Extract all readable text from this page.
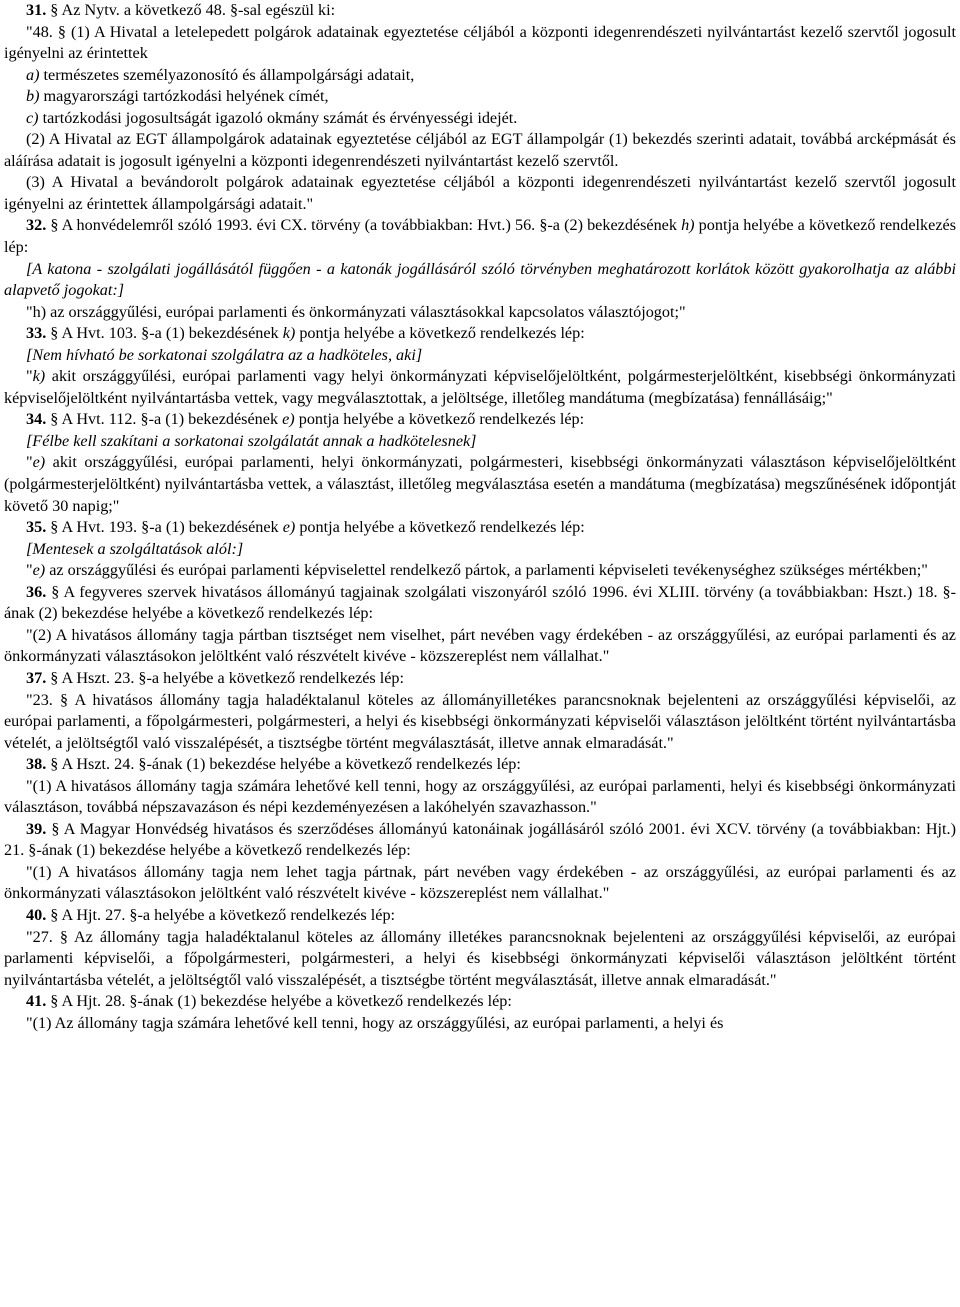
31. § Az Nytv. a következő 48. §-sal egészül ki:

"48. § (1) A Hivatal a letelepedett polgárok adatainak egyeztetése céljából a központi idegenrendészeti nyilvántartást kezelő szervtől jogosult igényelni az érintettek

a) természetes személyazonosító és állampolgársági adatait,

b) magyarországi tartózkodási helyének címét,

c) tartózkodási jogosultságát igazoló okmány számát és érvényességi idejét.

(2) A Hivatal az EGT állampolgárok adatainak egyeztetése céljából az EGT állampolgár (1) bekezdés szerinti adatait, továbbá arcképmását és aláírása adatait is jogosult igényelni a központi idegenrendészeti nyilvántartást kezelő szervtől.

(3) A Hivatal a bevándorolt polgárok adatainak egyeztetése céljából a központi idegenrendészeti nyilvántartást kezelő szervtől jogosult igényelni az érintettek állampolgársági adatait."

32. § A honvédelemről szóló 1993. évi CX. törvény (a továbbiakban: Hvt.) 56. §-a (2) bekezdésének h) pontja helyébe a következő rendelkezés lép:

[A katona - szolgálati jogállásától függően - a katonák jogállásáról szóló törvényben meghatározott korlátok között gyakorolhatja az alábbi alapvető jogokat:]

"h) az országgyűlési, európai parlamenti és önkormányzati választásokkal kapcsolatos választójogot;"

33. § A Hvt. 103. §-a (1) bekezdésének k) pontja helyébe a következő rendelkezés lép:

[Nem hívható be sorkatonai szolgálatra az a hadköteles, aki]

"k) akit országgyűlési, európai parlamenti vagy helyi önkormányzati képviselőjelöltként, polgármesterjelöltként, kisebbségi önkormányzati képviselőjelöltként nyilvántartásba vettek, vagy megválasztottak, a jelöltsége, illetőleg mandátuma (megbízatása) fennállásáig;"

34. § A Hvt. 112. §-a (1) bekezdésének e) pontja helyébe a következő rendelkezés lép:

[Félbe kell szakítani a sorkatonai szolgálatát annak a hadkötelesnek]

"e) akit országgyűlési, európai parlamenti, helyi önkormányzati, polgármesteri, kisebbségi önkormányzati választáson képviselőjelöltként (polgármesterjelöltként) nyilvántartásba vettek, a választást, illetőleg megválasztása esetén a mandátuma (megbízatása) megszűnésének időpontját követő 30 napig;"

35. § A Hvt. 193. §-a (1) bekezdésének e) pontja helyébe a következő rendelkezés lép:

[Mentesek a szolgáltatások alól:]

"e) az országgyűlési és európai parlamenti képviselettel rendelkező pártok, a parlamenti képviseleti tevékenységhez szükséges mértékben;"

36. § A fegyveres szervek hivatásos állományú tagjainak szolgálati viszonyáról szóló 1996. évi XLIII. törvény (a továbbiakban: Hszt.) 18. §-ának (2) bekezdése helyébe a következő rendelkezés lép:

"(2) A hivatásos állomány tagja pártban tisztséget nem viselhet, párt nevében vagy érdekében - az országgyűlési, az európai parlamenti és az önkormányzati választásokon jelöltként való részvételt kivéve - közszereplést nem vállalhat."

37. § A Hszt. 23. §-a helyébe a következő rendelkezés lép:

"23. § A hivatásos állomány tagja haladéktalanul köteles az állományilletékes parancsnoknak bejelenteni az országgyűlési képviselői, az európai parlamenti, a főpolgármesteri, polgármesteri, a helyi és kisebbségi önkormányzati képviselői választáson jelöltként történt nyilvántartásba vételét, a jelöltségtől való visszalépését, a tisztségbe történt megválasztását, illetve annak elmaradását."

38. § A Hszt. 24. §-ának (1) bekezdése helyébe a következő rendelkezés lép:

"(1) A hivatásos állomány tagja számára lehetővé kell tenni, hogy az országgyűlési, az európai parlamenti, helyi és kisebbségi önkormányzati választáson, továbbá népszavazáson és népi kezdeményezésen a lakóhelyén szavazhasson."

39. § A Magyar Honvédség hivatásos és szerződéses állományú katonáinak jogállásáról szóló 2001. évi XCV. törvény (a továbbiakban: Hjt.) 21. §-ának (1) bekezdése helyébe a következő rendelkezés lép:

"(1) A hivatásos állomány tagja nem lehet tagja pártnak, párt nevében vagy érdekében - az országgyűlési, az európai parlamenti és az önkormányzati választásokon jelöltként való részvételt kivéve - közszereplést nem vállalhat."

40. § A Hjt. 27. §-a helyébe a következő rendelkezés lép:

"27. § Az állomány tagja haladéktalanul köteles az állomány illetékes parancsnoknak bejelenteni az országgyűlési képviselői, az európai parlamenti képviselői, a főpolgármesteri, polgármesteri, a helyi és kisebbségi önkormányzati képviselői választáson jelöltként történt nyilvántartásba vételét, a jelöltségtől való visszalépését, a tisztségbe történt megválasztását, illetve annak elmaradását."

41. § A Hjt. 28. §-ának (1) bekezdése helyébe a következő rendelkezés lép:

"(1) Az állomány tagja számára lehetővé kell tenni, hogy az országgyűlési, az európai parlamenti, a helyi és
